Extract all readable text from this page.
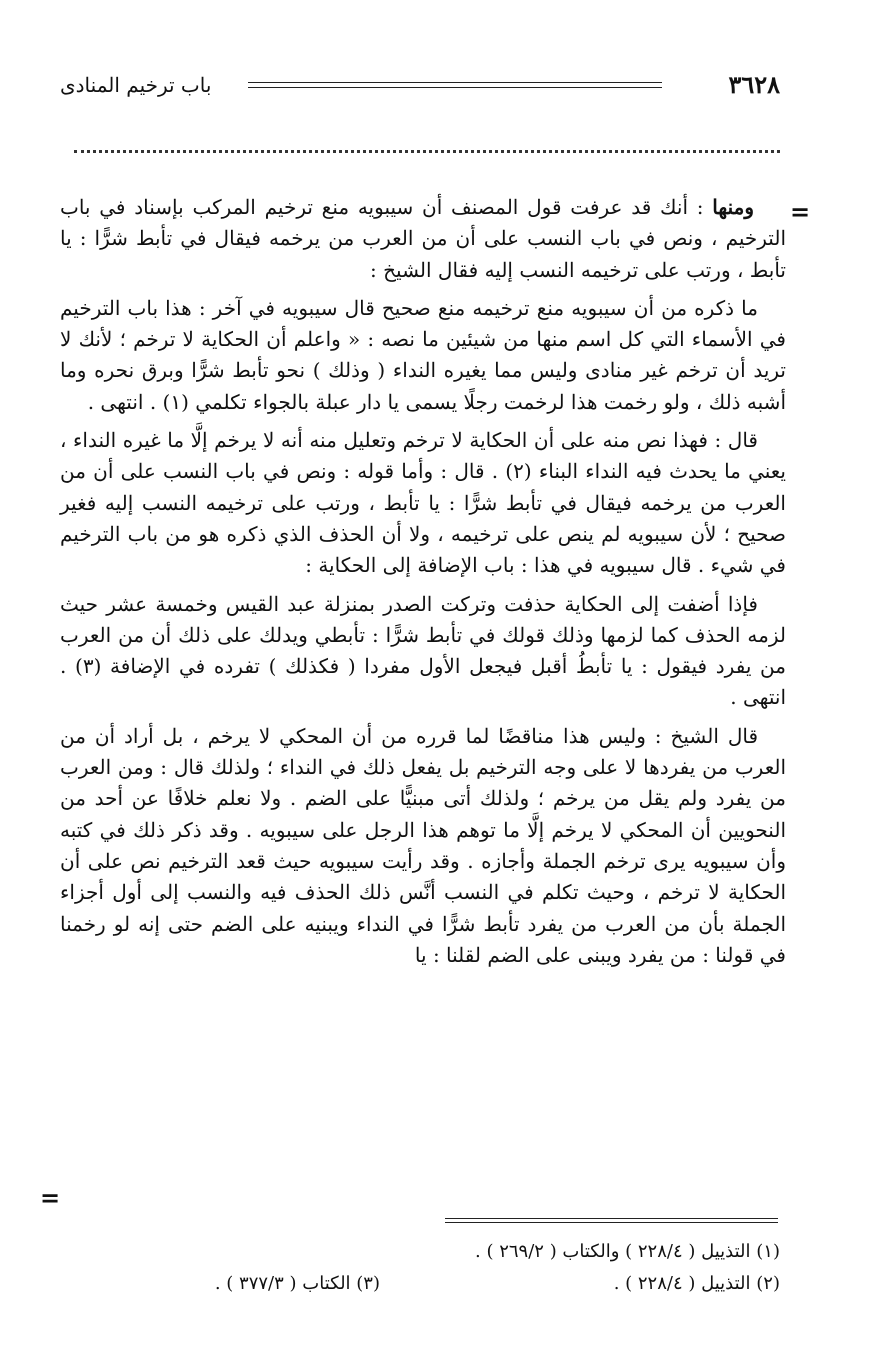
٣٦٢٨
باب ترخيم المنادى
=

ومنها : أنك قد عرفت قول المصنف أن سيبويه منع ترخيم المركب بإسناد في باب الترخيم ، ونص في باب النسب على أن من العرب من يرخمه فيقال في تأبط شرًّا : يا تأبط ، ورتب على ترخيمه النسب إليه فقال الشيخ :

ما ذكره من أن سيبويه منع ترخيمه منع صحيح قال سيبويه في آخر : هذا باب الترخيم في الأسماء التي كل اسم منها من شيئين ما نصه : « واعلم أن الحكاية لا ترخم ؛ لأنك لا تريد أن ترخم غير منادى وليس مما يغيره النداء ( وذلك ) نحو تأبط شرًّا وبرق نحره وما أشبه ذلك ، ولو رخمت هذا لرخمت رجلًا يسمى يا دار عبلة بالجواء تكلمي (١) . انتهى .

قال : فهذا نص منه على أن الحكاية لا ترخم وتعليل منه أنه لا يرخم إلَّا ما غيره النداء ، يعني ما يحدث فيه النداء البناء (٢) . قال : وأما قوله : ونص في باب النسب على أن من العرب من يرخمه فيقال في تأبط شرًّا : يا تأبط ، ورتب على ترخيمه النسب إليه فغير صحيح ؛ لأن سيبويه لم ينص على ترخيمه ، ولا أن الحذف الذي ذكره هو من باب الترخيم في شيء . قال سيبويه في هذا : باب الإضافة إلى الحكاية :

فإذا أضفت إلى الحكاية حذفت وتركت الصدر بمنزلة عبد القيس وخمسة عشر حيث لزمه الحذف كما لزمها وذلك قولك في تأبط شرًّا : تأبطي ويدلك على ذلك أن من العرب من يفرد فيقول : يا تأبطُ أقبل فيجعل الأول مفردا ( فكذلك ) تفرده في الإضافة (٣) . انتهى .

قال الشيخ : وليس هذا مناقضًا لما قرره من أن المحكي لا يرخم ، بل أراد أن من العرب من يفردها لا على وجه الترخيم بل يفعل ذلك في النداء ؛ ولذلك قال : ومن العرب من يفرد ولم يقل من يرخم ؛ ولذلك أتى مبنيًّا على الضم . ولا نعلم خلافًا عن أحد من النحويين أن المحكي لا يرخم إلَّا ما توهم هذا الرجل على سيبويه . وقد ذكر ذلك في كتبه وأن سيبويه يرى ترخم الجملة وأجازه . وقد رأيت سيبويه حيث قعد الترخيم نص على أن الحكاية لا ترخم ، وحيث تكلم في النسب أنَّس ذلك الحذف فيه والنسب إلى أول أجزاء الجملة بأن من العرب من يفرد تأبط شرًّا في النداء ويبنيه على الضم حتى إنه لو رخمنا في قولنا : من يفرد ويبنى على الضم لقلنا : يا

=
(١) التذييل ( ٢٢٨/٤ ) والكتاب ( ٢٦٩/٢ ) .
(٢) التذييل ( ٢٢٨/٤ ) .
(٣) الكتاب ( ٣٧٧/٣ ) .
